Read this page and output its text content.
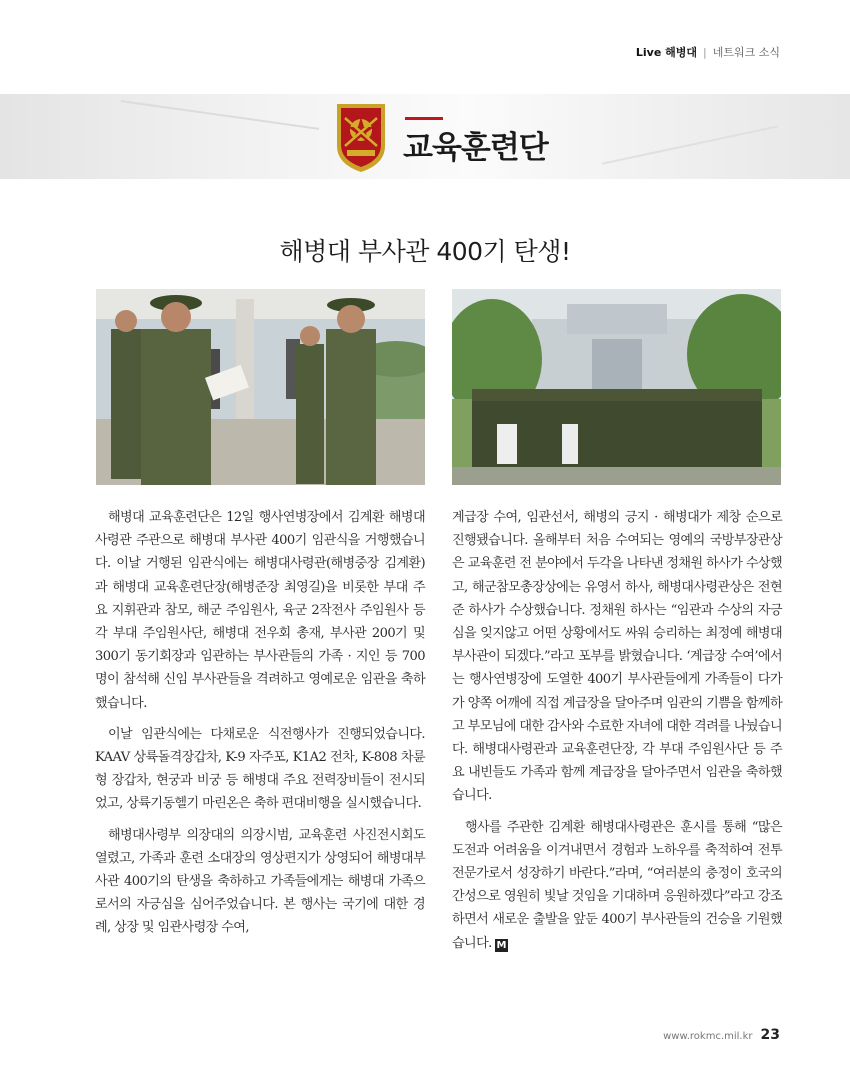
Live 해병대 | 네트워크 소식
교육훈련단
해병대 부사관 400기 탄생!

해병대 교육훈련단은 12일 행사연병장에서 김계환 해병대사령관 주관으로 해병대 부사관 400기 임관식을 거행했습니다. 이날 거행된 임관식에는 해병대사령관(해병중장 김계환)과 해병대 교육훈련단장(해병준장 최영길)을 비롯한 부대 주요 지휘관과 참모, 해군 주임원사, 육군 2작전사 주임원사 등 각 부대 주임원사단, 해병대 전우회 총재, 부사관 200기 및 300기 동기회장과 임관하는 부사관들의 가족 · 지인 등 700명이 참석해 신임 부사관들을 격려하고 영예로운 임관을 축하했습니다.

이날 임관식에는 다채로운 식전행사가 진행되었습니다. KAAV 상륙돌격장갑차, K-9 자주포, K1A2 전차, K-808 차륜형 장갑차, 현궁과 비궁 등 해병대 주요 전력장비들이 전시되었고, 상륙기동헬기 마린온은 축하 편대비행을 실시했습니다.

해병대사령부 의장대의 의장시범, 교육훈련 사진전시회도 열렸고, 가족과 훈련 소대장의 영상편지가 상영되어 해병대부사관 400기의 탄생을 축하하고 가족들에게는 해병대 가족으로서의 자긍심을 심어주었습니다. 본 행사는 국기에 대한 경례, 상장 및 임관사령장 수여,

계급장 수여, 임관선서, 해병의 긍지 · 해병대가 제창 순으로 진행됐습니다. 올해부터 처음 수여되는 영예의 국방부장관상은 교육훈련 전 분야에서 두각을 나타낸 정채원 하사가 수상했고, 해군참모총장상에는 유영서 하사, 해병대사령관상은 전현준 하사가 수상했습니다. 정채원 하사는 “임관과 수상의 자긍심을 잊지않고 어떤 상황에서도 싸워 승리하는 최정예 해병대 부사관이 되겠다.”라고 포부를 밝혔습니다. ‘계급장 수여’에서는 행사연병장에 도열한 400기 부사관들에게 가족들이 다가가 양쪽 어깨에 직접 계급장을 달아주며 임관의 기쁨을 함께하고 부모님에 대한 감사와 수료한 자녀에 대한 격려를 나눴습니다. 해병대사령관과 교육훈련단장, 각 부대 주임원사단 등 주요 내빈들도 가족과 함께 계급장을 달아주면서 임관을 축하했습니다.

행사를 주관한 김계환 해병대사령관은 훈시를 통해 “많은 도전과 어려움을 이겨내면서 경험과 노하우를 축적하여 전투전문가로서 성장하기 바란다.”라며, “여러분의 충정이 호국의 간성으로 영원히 빛날 것임을 기대하며 응원하겠다”라고 강조하면서 새로운 출발을 앞둔 400기 부사관들의 건승을 기원했습니다. M

www.rokmc.mil.kr 23
